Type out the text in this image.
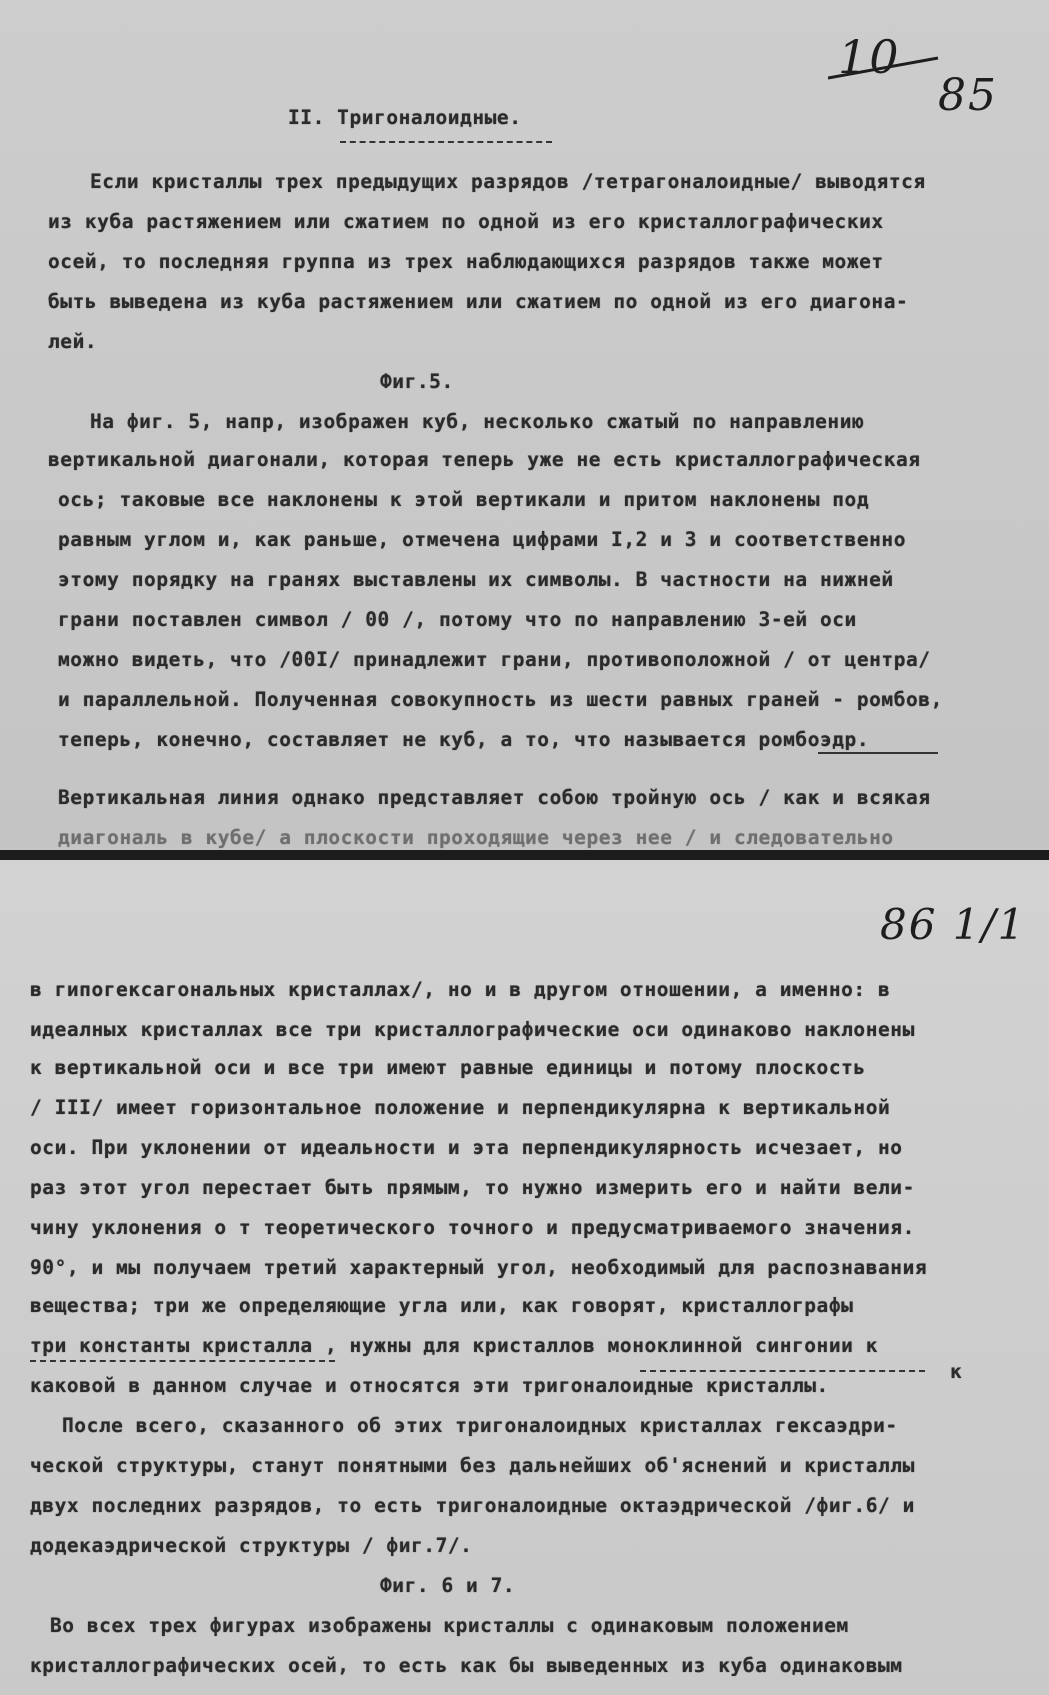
10
85
II. Тригоналоидные.
Если кристаллы трех предыдущих разрядов /тетрагоналоидные/ выводятся
из куба растяжением или сжатием по одной из его кристаллографических
осей, то последняя группа из трех наблюдающихся разрядов также может
быть выведена из куба растяжением или сжатием по одной из его диагона-
лей.
Фиг.5.
На фиг. 5, напр, изображен куб, несколько сжатый по направлению
вертикальной диагонали, которая теперь уже не есть кристаллографическая
ось; таковые все наклонены к этой вертикали и притом наклонены под
равным углом и, как раньше, отмечена цифрами I,2 и 3 и соответственно
этому порядку на гранях выставлены их символы. В частности на нижней
грани поставлен символ / 00 /, потому что по направлению 3-ей оси
можно видеть, что /00I/ принадлежит грани, противоположной / от центра/
и параллельной. Полученная совокупность из шести равных граней - ромбов,
теперь, конечно, составляет не куб, а то, что называется ромбоэдр.
Вертикальная линия однако представляет собою тройную ось / как и всякая
диагональ в кубе/ а плоскости проходящие через нее / и следовательно
86 1/1
в гипогексагональных кристаллах/, но и в другом отношении, а именно: в
идеалных кристаллах все три кристаллографические оси одинаково наклонены
к вертикальной оси и все три имеют равные единицы и потому плоскость
/ III/ имеет горизонтальное положение и перпендикулярна к вертикальной
оси. При уклонении от идеальности и эта перпендикулярность исчезает, но
раз этот угол перестает быть прямым, то нужно измерить его и найти вели-
чину уклонения о т теоретического точного и предусматриваемого значения.
90°, и мы получаем третий характерный угол, необходимый для распознавания
вещества; три же определяющие угла или, как говорят, кристаллографы
три константы кристалла , нужны для кристаллов моноклинной сингонии к
к
каковой в данном случае и относятся эти тригоналоидные кристаллы.
После всего, сказанного об этих тригоналоидных кристаллах гексаэдри-
ческой структуры, станут понятными без дальнейших об'яснений и кристаллы
двух последних разрядов, то есть тригоналоидные октаэдрической /фиг.6/ и
додекаэдрической структуры / фиг.7/.
Фиг. 6 и 7.
Во всех трех фигурах изображены кристаллы с одинаковым положением
кристаллографических осей, то есть как бы выведенных из куба одинаковым
